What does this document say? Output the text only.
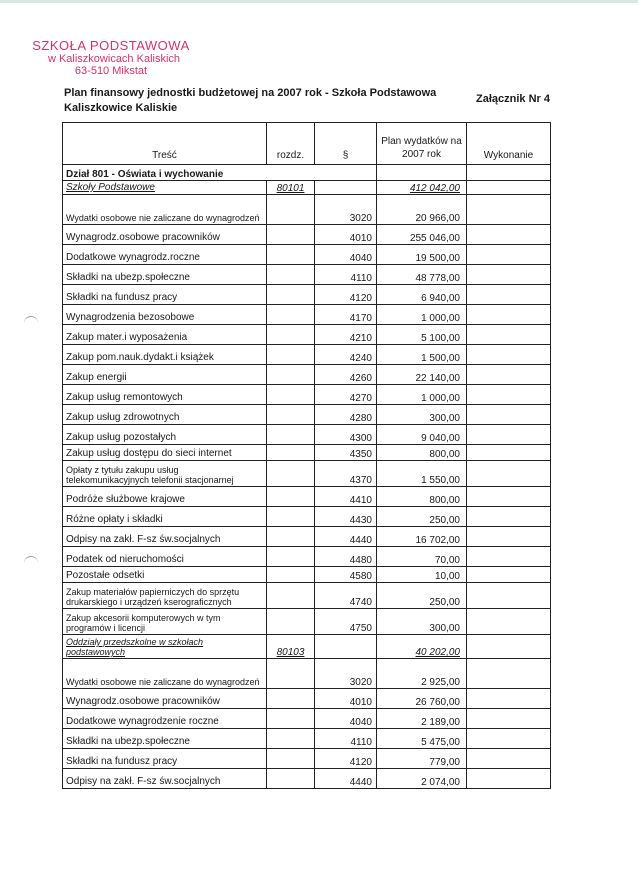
SZKOŁA PODSTAWOWA
w Kaliszkowicach Kaliskich
63-510 Mikstat
Plan finansowy jednostki budżetowej na 2007 rok - Szkoła Podstawowa Kaliszkowice Kaliskie
Załącznik Nr 4
Treść	rozdz.	§	Plan wydatków na 2007 rok	Wykonanie
Dział 801 - Oświata i wychowanie				
Szkoły Podstawowe	80101		412 042,00	
Wydatki osobowe nie zaliczane do wynagrodzeń		3020	20 966,00	
Wynagrodz.osobowe pracowników		4010	255 046,00	
Dodatkowe wynagrodz.roczne		4040	19 500,00	
Składki na ubezp.społeczne		4110	48 778,00	
Składki na fundusz pracy		4120	6 940,00	
Wynagrodzenia bezosobowe		4170	1 000,00	
Zakup mater.i wyposażenia		4210	5 100,00	
Zakup pom.nauk.dydakt.i książek		4240	1 500,00	
Zakup energii		4260	22 140,00	
Zakup usług remontowych		4270	1 000,00	
Zakup usług zdrowotnych		4280	300,00	
Zakup usług pozostałych		4300	9 040,00	
Zakup usług dostępu do sieci internet		4350	800,00	
Opłaty z tytułu zakupu usług telekomunikacyjnych telefonii stacjonarnej		4370	1 550,00	
Podróże służbowe krajowe		4410	800,00	
Różne opłaty i składki		4430	250,00	
Odpisy na zakł. F-sz św.socjalnych		4440	16 702,00	
Podatek od nieruchomości		4480	70,00	
Pozostałe odsetki		4580	10,00	
Zakup materiałów papierniczych do sprzętu drukarskiego i urządzeń kserograficznych		4740	250,00	
Zakup akcesorii komputerowych w tym programów i licencji		4750	300,00	
Oddziały przedszkolne w szkołach podstawowych	80103		40 202,00	
Wydatki osobowe nie zaliczane do wynagrodzeń		3020	2 925,00	
Wynagrodz.osobowe pracowników		4010	26 760,00	
Dodatkowe wynagrodzenie roczne		4040	2 189,00	
Składki na ubezp.społeczne		4110	5 475,00	
Składki na fundusz pracy		4120	779,00	
Odpisy na zakł. F-sz św.socjalnych		4440	2 074,00	
